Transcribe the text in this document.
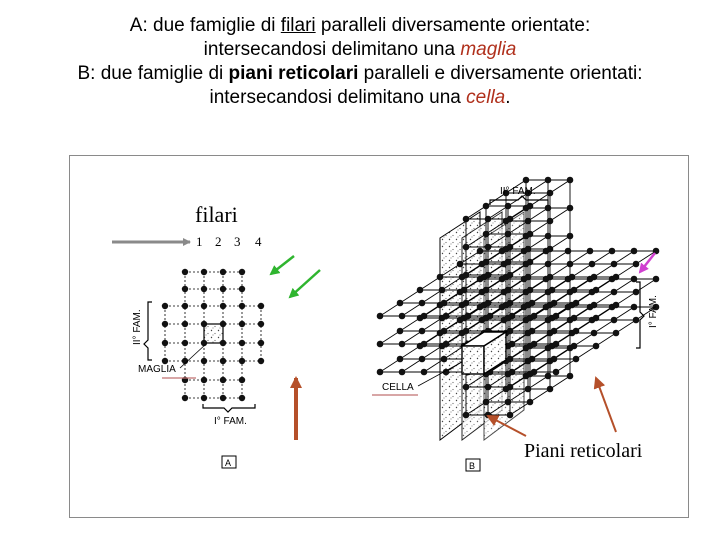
A: due famiglie di filari paralleli diversamente orientate:
intersecandosi delimitano una maglia
B: due famiglie di piani reticolari paralleli e diversamente orientati:
intersecandosi delimitano una cella.
filari
1 2 3 4
II° FAM.
I° FAM.
MAGLIA
A
II° FAM.
I° FAM.
CELLA
B
Piani reticolari
